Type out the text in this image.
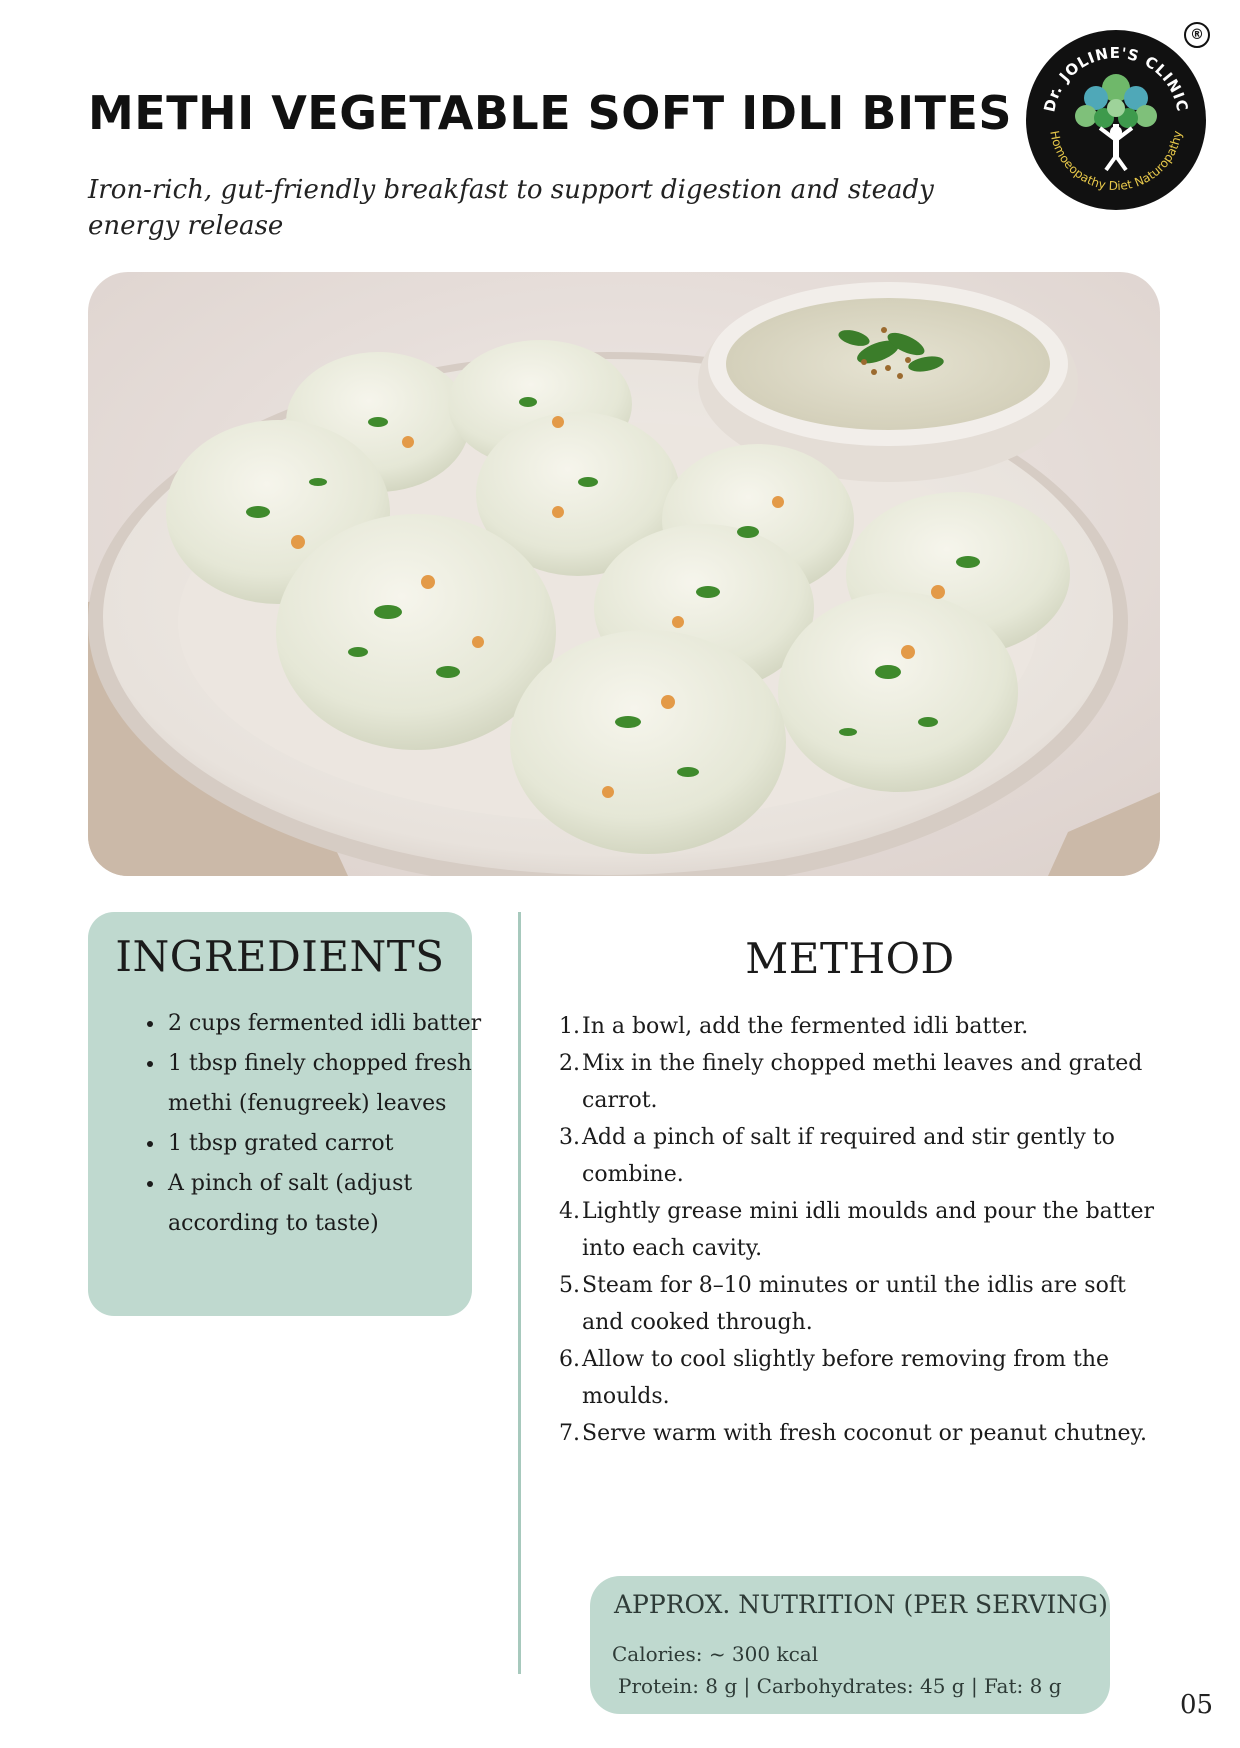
METHI VEGETABLE SOFT IDLI BITES

Iron-rich, gut-friendly breakfast to support digestion and steady energy release

Dr. JOLINE'S CLINIC
Homoeopathy Diet Naturopathy
®
INGREDIENTS
• 2 cups fermented idli batter
• 1 tbsp finely chopped fresh methi (fenugreek) leaves
• 1 tbsp grated carrot
• A pinch of salt (adjust according to taste)
METHOD
In a bowl, add the fermented idli batter.
Mix in the finely chopped methi leaves and grated carrot.
Add a pinch of salt if required and stir gently to combine.
Lightly grease mini idli moulds and pour the batter into each cavity.
Steam for 8–10 minutes or until the idlis are soft and cooked through.
Allow to cool slightly before removing from the moulds.
Serve warm with fresh coconut or peanut chutney.
APPROX. NUTRITION (PER SERVING)
Calories: ~ 300 kcal
Protein: 8 g | Carbohydrates: 45 g | Fat: 8 g
05
